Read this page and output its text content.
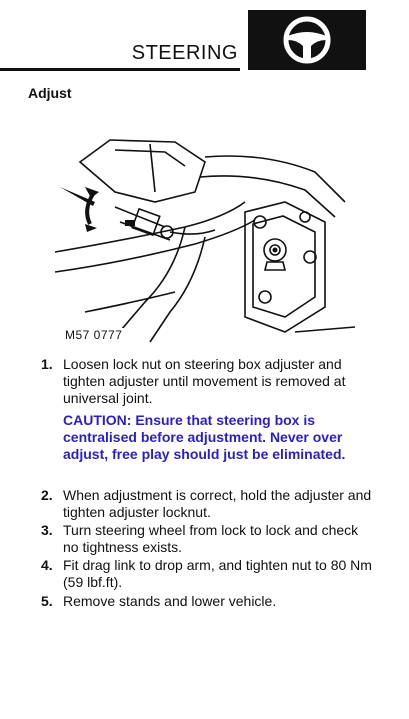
STEERING
Adjust
M57 0777
1. Loosen lock nut on steering box adjuster and tighten adjuster until movement is removed at universal joint.
CAUTION: Ensure that steering box is centralised before adjustment. Never over adjust, free play should just be eliminated.
2. When adjustment is correct, hold the adjuster and tighten adjuster locknut.
3. Turn steering wheel from lock to lock and check no tightness exists.
4. Fit drag link to drop arm, and tighten nut to 80 Nm (59 lbf.ft).
5. Remove stands and lower vehicle.
